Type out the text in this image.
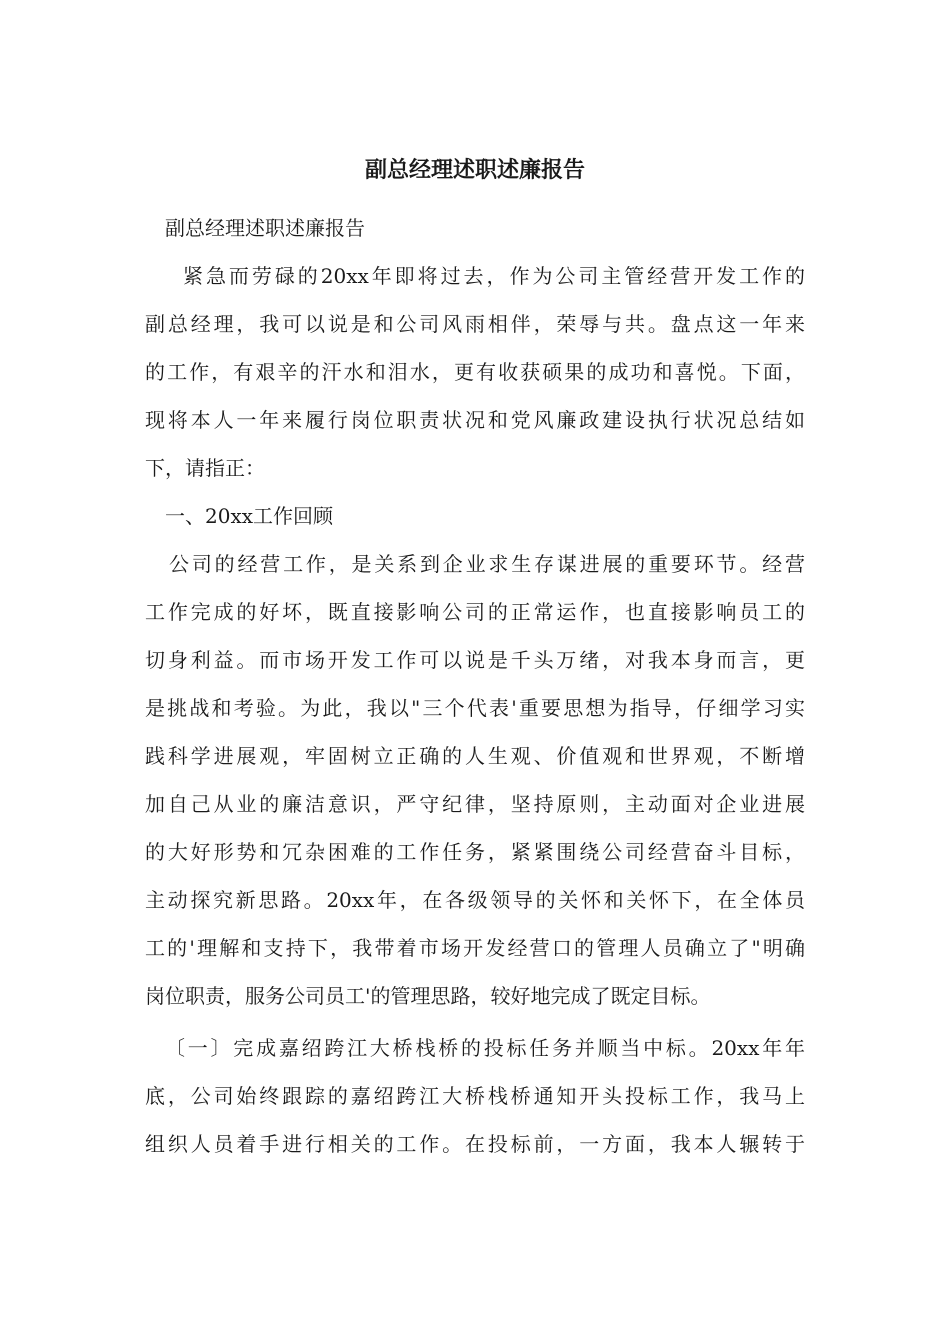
副总经理述职述廉报告
副总经理述职述廉报告
紧急而劳碌的20xx年即将过去，作为公司主管经营开发工作的
副总经理，我可以说是和公司风雨相伴，荣辱与共。盘点这一年来
的工作，有艰辛的汗水和泪水，更有收获硕果的成功和喜悦。下面，
现将本人一年来履行岗位职责状况和党风廉政建设执行状况总结如
下，请指正：
一、20xx工作回顾
公司的经营工作，是关系到企业求生存谋进展的重要环节。经营
工作完成的好坏，既直接影响公司的正常运作，也直接影响员工的
切身利益。而市场开发工作可以说是千头万绪，对我本身而言，更
是挑战和考验。为此，我以"三个代表'重要思想为指导，仔细学习实
践科学进展观，牢固树立正确的人生观、价值观和世界观，不断增
加自己从业的廉洁意识，严守纪律，坚持原则，主动面对企业进展
的大好形势和冗杂困难的工作任务，紧紧围绕公司经营奋斗目标，
主动探究新思路。20xx年，在各级领导的关怀和关怀下，在全体员
工的'理解和支持下，我带着市场开发经营口的管理人员确立了"明确
岗位职责，服务公司员工'的管理思路，较好地完成了既定目标。
〔一〕完成嘉绍跨江大桥栈桥的投标任务并顺当中标。20xx年年
底，公司始终跟踪的嘉绍跨江大桥栈桥通知开头投标工作，我马上
组织人员着手进行相关的工作。在投标前，一方面，我本人辗转于
